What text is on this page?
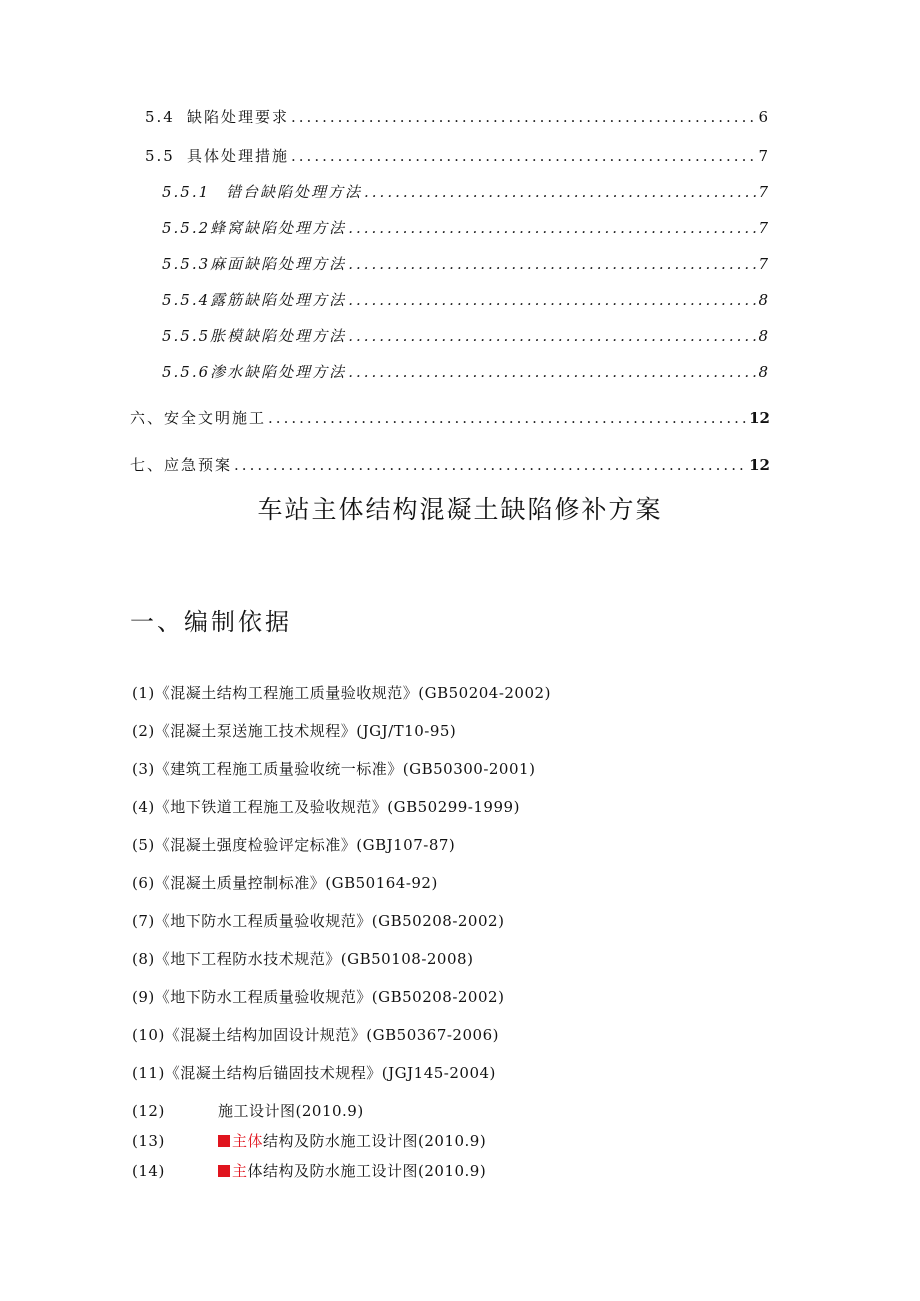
5.4 缺陷处理要求 .....	6
5.5 具体处理措施 .....	7
5.5.1	错台缺陷处理方法 .....	7
5.5.2 蜂窝缺陷处理方法 .....	7
5.5.3 麻面缺陷处理方法 .....	7
5.5.4 露筋缺陷处理方法 .....	8
5.5.5 胀模缺陷处理方法 .....	8
5.5.6 渗水缺陷处理方法 .....	8
六、 安全文明施工 .....	12
七、 应急预案 .....	12
车站主体结构混凝土缺陷修补方案
一、编制依据
(1)《混凝土结构工程施工质量验收规范》(GB50204-2002)
(2)《混凝土泵送施工技术规程》(JGJ/T10-95)
(3)《建筑工程施工质量验收统一标准》(GB50300-2001)
(4)《地下铁道工程施工及验收规范》(GB50299-1999)
(5)《混凝土强度检验评定标准》(GBJ107-87)
(6)《混凝土质量控制标准》(GB50164-92)
(7)《地下防水工程质量验收规范》(GB50208-2002)
(8)《地下工程防水技术规范》(GB50108-2008)
(9)《地下防水工程质量验收规范》(GB50208-2002)
(10)《混凝土结构加固设计规范》(GB50367-2006)
(11)《混凝土结构后锚固技术规程》(JGJ145-2004)
(12)	施工设计图(2010.9)
(13)	主体结构及防水施工设计图(2010.9)
(14)	主体结构及防水施工设计图(2010.9)
